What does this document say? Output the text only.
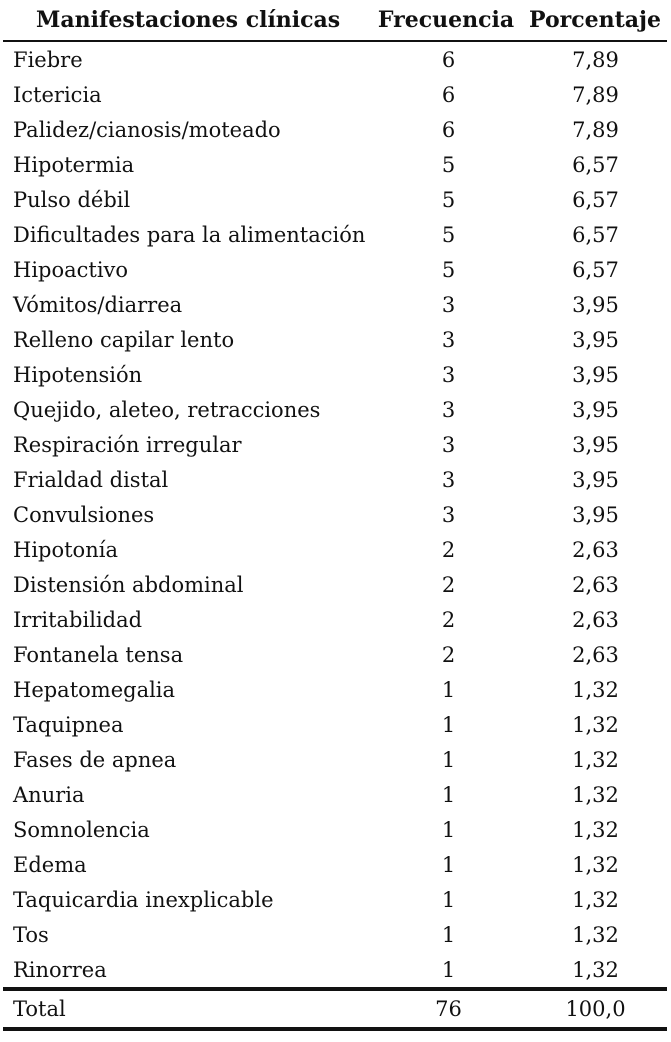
Manifestaciones clínicas	Frecuencia	Porcentaje
Fiebre	6	7,89
Ictericia	6	7,89
Palidez/cianosis/moteado	6	7,89
Hipotermia	5	6,57
Pulso débil	5	6,57
Dificultades para la alimentación	5	6,57
Hipoactivo	5	6,57
Vómitos/diarrea	3	3,95
Relleno capilar lento	3	3,95
Hipotensión	3	3,95
Quejido, aleteo, retracciones	3	3,95
Respiración irregular	3	3,95
Frialdad distal	3	3,95
Convulsiones	3	3,95
Hipotonía	2	2,63
Distensión abdominal	2	2,63
Irritabilidad	2	2,63
Fontanela tensa	2	2,63
Hepatomegalia	1	1,32
Taquipnea	1	1,32
Fases de apnea	1	1,32
Anuria	1	1,32
Somnolencia	1	1,32
Edema	1	1,32
Taquicardia inexplicable	1	1,32
Tos	1	1,32
Rinorrea	1	1,32
Total	76	100,0
